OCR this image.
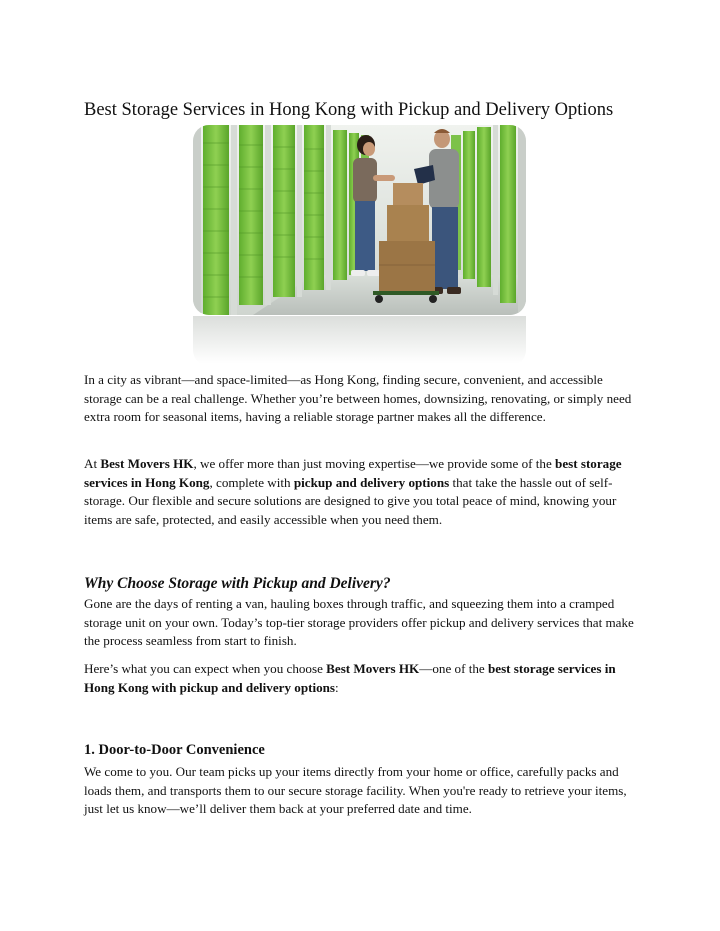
Best Storage Services in Hong Kong with Pickup and Delivery Options

In a city as vibrant—and space-limited—as Hong Kong, finding secure, convenient, and accessible storage can be a real challenge. Whether you’re between homes, downsizing, renovating, or simply need extra room for seasonal items, having a reliable storage partner makes all the difference.

At Best Movers HK, we offer more than just moving expertise—we provide some of the best storage services in Hong Kong, complete with pickup and delivery options that take the hassle out of self-storage. Our flexible and secure solutions are designed to give you total peace of mind, knowing your items are safe, protected, and easily accessible when you need them.

Why Choose Storage with Pickup and Delivery?

Gone are the days of renting a van, hauling boxes through traffic, and squeezing them into a cramped storage unit on your own. Today’s top-tier storage providers offer pickup and delivery services that make the process seamless from start to finish.

Here’s what you can expect when you choose Best Movers HK—one of the best storage services in Hong Kong with pickup and delivery options:

1. Door-to-Door Convenience

We come to you. Our team picks up your items directly from your home or office, carefully packs and loads them, and transports them to our secure storage facility. When you're ready to retrieve your items, just let us know—we’ll deliver them back at your preferred date and time.
